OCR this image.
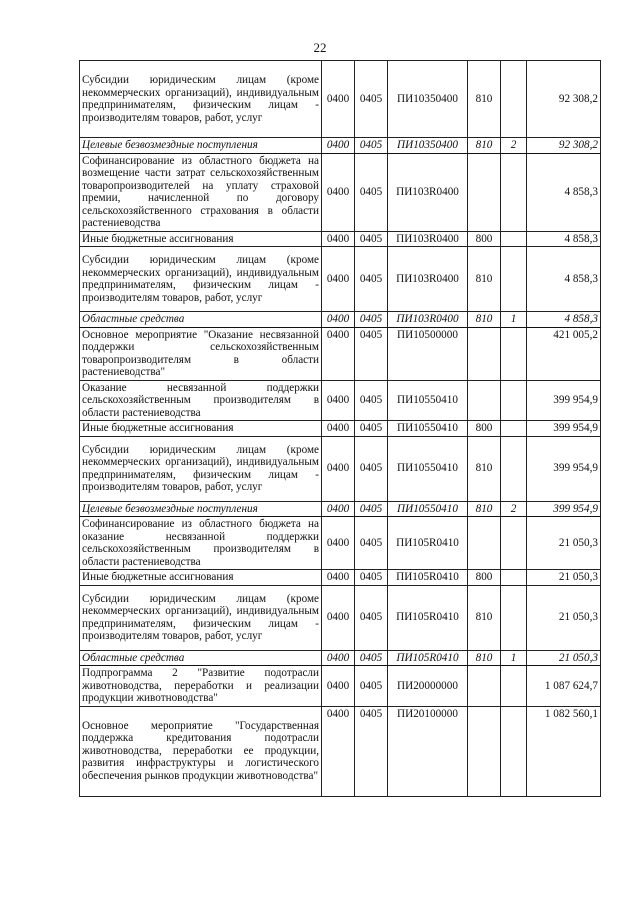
22
Субсидии юридическим лицам (кроме некоммерческих организаций), индивидуальным предпринимателям, физическим лицам - производителям товаров, работ, услуг	0400	0405	ПИ10350400	810		92 308,2
Целевые безвозмездные поступления	0400	0405	ПИ10350400	810	2	92 308,2
Софинансирование из областного бюджета на возмещение части затрат сельскохозяйственным товаропроизводителей на уплату страховой премии, начисленной по договору сельскохозяйственного страхования в области растениеводства	0400	0405	ПИ103R0400			4 858,3
Иные бюджетные ассигнования	0400	0405	ПИ103R0400	800		4 858,3
Субсидии юридическим лицам (кроме некоммерческих организаций), индивидуальным предпринимателям, физическим лицам - производителям товаров, работ, услуг	0400	0405	ПИ103R0400	810		4 858,3
Областные средства	0400	0405	ПИ103R0400	810	1	4 858,3
Основное мероприятие "Оказание несвязанной поддержки сельскохозяйственным товаропроизводителям в области растениеводства"	0400	0405	ПИ10500000			421 005,2
Оказание несвязанной поддержки сельскохозяйственным производителям в области растениеводства	0400	0405	ПИ10550410			399 954,9
Иные бюджетные ассигнования	0400	0405	ПИ10550410	800		399 954,9
Субсидии юридическим лицам (кроме некоммерческих организаций), индивидуальным предпринимателям, физическим лицам - производителям товаров, работ, услуг	0400	0405	ПИ10550410	810		399 954,9
Целевые безвозмездные поступления	0400	0405	ПИ10550410	810	2	399 954,9
Софинансирование из областного бюджета на оказание несвязанной поддержки сельскохозяйственным производителям в области растениеводства	0400	0405	ПИ105R0410			21 050,3
Иные бюджетные ассигнования	0400	0405	ПИ105R0410	800		21 050,3
Субсидии юридическим лицам (кроме некоммерческих организаций), индивидуальным предпринимателям, физическим лицам - производителям товаров, работ, услуг	0400	0405	ПИ105R0410	810		21 050,3
Областные средства	0400	0405	ПИ105R0410	810	1	21 050,3
Подпрограмма 2 "Развитие подотрасли животноводства, переработки и реализации продукции животноводства"	0400	0405	ПИ20000000			1 087 624,7
Основное мероприятие "Государственная поддержка кредитования подотрасли животноводства, переработки ее продукции, развития инфраструктуры и логистического обеспечения рынков продукции животноводства"	0400	0405	ПИ20100000			1 082 560,1
